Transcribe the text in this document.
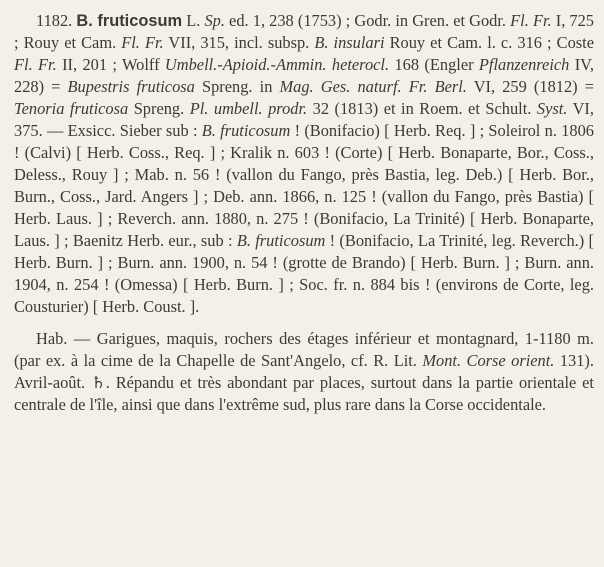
1182. B. fruticosum L. Sp. ed. 1, 238 (1753) ; Godr. in Gren. et Godr. Fl. Fr. I, 725 ; Rouy et Cam. Fl. Fr. VII, 315, incl. subsp. B. insulari Rouy et Cam. l. c. 316 ; Coste Fl. Fr. II, 201 ; Wolff Umbell.-Apioid.-Ammin. heterocl. 168 (Engler Pflanzenreich IV, 228) = Bupestris fruticosa Spreng. in Mag. Ges. naturf. Fr. Berl. VI, 259 (1812) = Tenoria fruticosa Spreng. Pl. umbell. prodr. 32 (1813) et in Roem. et Schult. Syst. VI, 375. — Exsicc. Sieber sub : B. fruticosum ! (Bonifacio) [ Herb. Req. ] ; Soleirol n. 1806 ! (Calvi) [ Herb. Coss., Req. ] ; Kralik n. 603 ! (Corte) [ Herb. Bonaparte, Bor., Coss., Deless., Rouy ] ; Mab. n. 56 ! (vallon du Fango, près Bastia, leg. Deb.) [ Herb. Bor., Burn., Coss., Jard. Angers ] ; Deb. ann. 1866, n. 125 ! (vallon du Fango, près Bastia) [ Herb. Laus. ] ; Reverch. ann. 1880, n. 275 ! (Bonifacio, La Trinité) [ Herb. Bonaparte, Laus. ] ; Baenitz Herb. eur., sub : B. fruticosum ! (Bonifacio, La Trinité, leg. Reverch.) [ Herb. Burn. ] ; Burn. ann. 1900, n. 54 ! (grotte de Brando) [ Herb. Burn. ] ; Burn. ann. 1904, n. 254 ! (Omessa) [ Herb. Burn. ] ; Soc. fr. n. 884 bis ! (environs de Corte, leg. Cousturier) [ Herb. Coust. ].

Hab. — Garigues, maquis, rochers des étages inférieur et montagnard, 1-1180 m. (par ex. à la cime de la Chapelle de Sant'Angelo, cf. R. Lit. Mont. Corse orient. 131). Avril-août. ♄. Répandu et très abondant par places, surtout dans la partie orientale et centrale de l'île, ainsi que dans l'extrême sud, plus rare dans la Corse occidentale.
